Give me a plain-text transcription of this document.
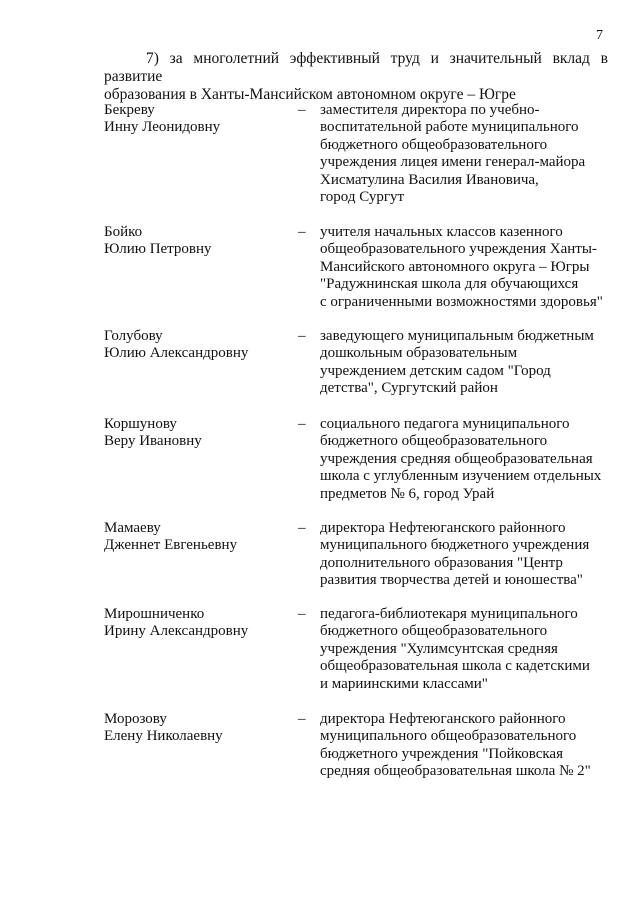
7
7) за многолетний эффективный труд и значительный вклад в развитие
образования в Ханты-Мансийском автономном округе – Югре
Бекреву
Инну Леонидовну
– заместителя директора по учебно-
воспитательной работе муниципального
бюджетного общеобразовательного
учреждения лицея имени генерал-майора
Хисматулина Василия Ивановича,
город Сургут
Бойко
Юлию Петровну
– учителя начальных классов казенного
общеобразовательного учреждения Ханты-
Мансийского автономного округа – Югры
"Радужнинская школа для обучающихся
с ограниченными возможностями здоровья"
Голубову
Юлию Александровну
– заведующего муниципальным бюджетным
дошкольным образовательным
учреждением детским садом "Город
детства", Сургутский район
Коршунову
Веру Ивановну
– социального педагога муниципального
бюджетного общеобразовательного
учреждения средняя общеобразовательная
школа с углубленным изучением отдельных
предметов № 6, город Урай
Мамаеву
Дженнет Евгеньевну
– директора Нефтеюганского районного
муниципального бюджетного учреждения
дополнительного образования "Центр
развития творчества детей и юношества"
Мирошниченко
Ирину Александровну
– педагога-библиотекаря муниципального
бюджетного общеобразовательного
учреждения "Хулимсунтская средняя
общеобразовательная школа с кадетскими
и мариинскими классами"
Морозову
Елену Николаевну
– директора Нефтеюганского районного
муниципального общеобразовательного
бюджетного учреждения "Пойковская
средняя общеобразовательная школа № 2"
